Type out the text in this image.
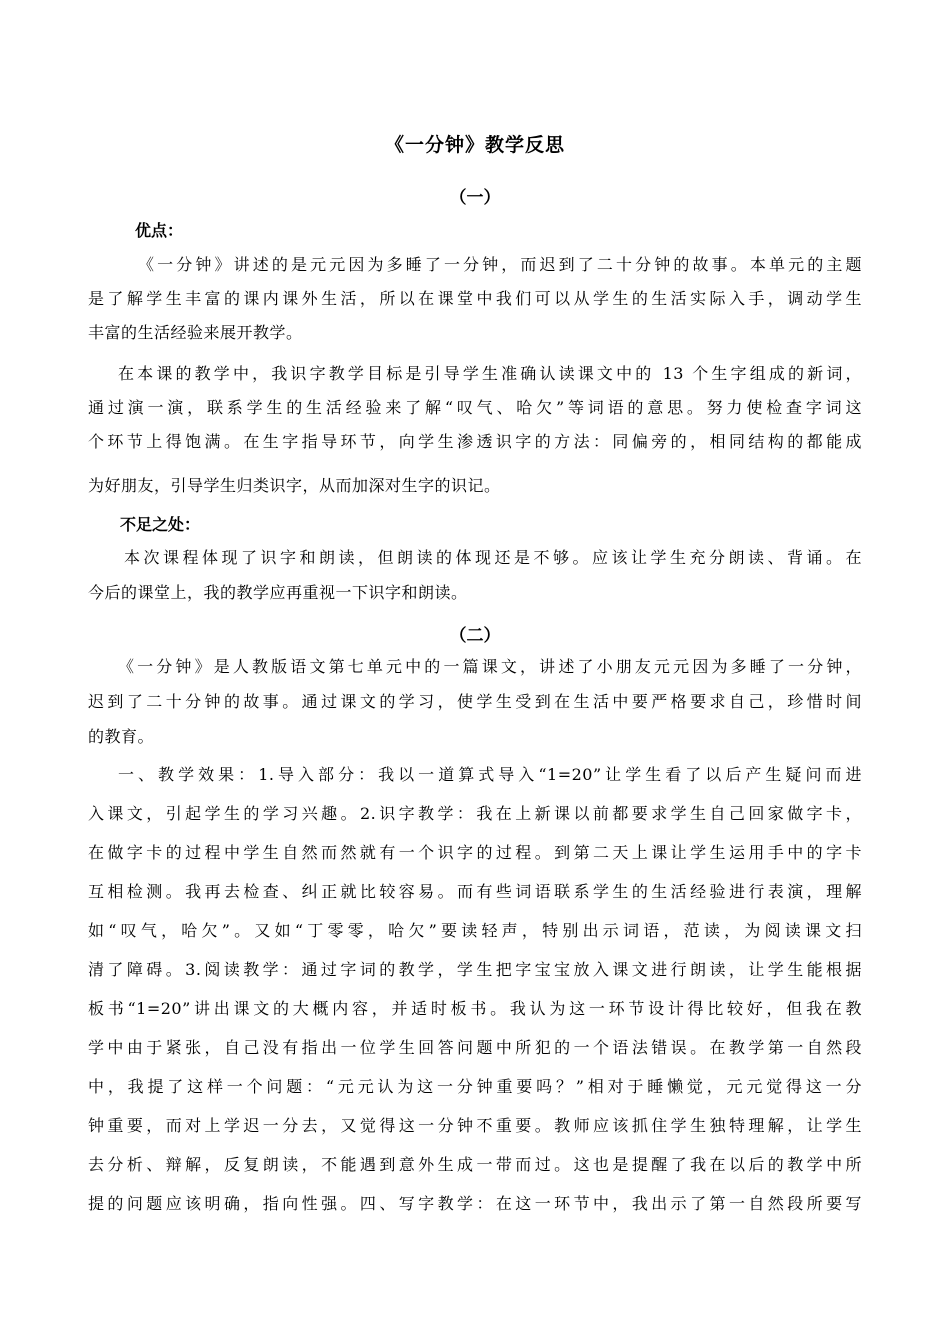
《一分钟》教学反思
（一）
优点：
《一分钟》讲述的是元元因为多睡了一分钟，而迟到了二十分钟的故事。本单元的主题
是了解学生丰富的课内课外生活，所以在课堂中我们可以从学生的生活实际入手，调动学生
丰富的生活经验来展开教学。
在本课的教学中，我识字教学目标是引导学生准确认读课文中的 13 个生字组成的新词，
通过演一演，联系学生的生活经验来了解“叹气、哈欠”等词语的意思。努力使检查字词这
个环节上得饱满。在生字指导环节，向学生渗透识字的方法：同偏旁的，相同结构的都能成
为好朋友，引导学生归类识字，从而加深对生字的识记。
不足之处：
本次课程体现了识字和朗读，但朗读的体现还是不够。应该让学生充分朗读、背诵。在
今后的课堂上，我的教学应再重视一下识字和朗读。
（二）
《一分钟》是人教版语文第七单元中的一篇课文，讲述了小朋友元元因为多睡了一分钟，
迟到了二十分钟的故事。通过课文的学习，使学生受到在生活中要严格要求自己，珍惜时间
的教育。
一、教学效果：1.导入部分：我以一道算式导入“1=20”让学生看了以后产生疑问而进
入课文，引起学生的学习兴趣。2.识字教学：我在上新课以前都要求学生自己回家做字卡，
在做字卡的过程中学生自然而然就有一个识字的过程。到第二天上课让学生运用手中的字卡
互相检测。我再去检查、纠正就比较容易。而有些词语联系学生的生活经验进行表演，理解
如“叹气，哈欠”。又如“丁零零，哈欠”要读轻声，特别出示词语，范读，为阅读课文扫
清了障碍。3.阅读教学：通过字词的教学，学生把字宝宝放入课文进行朗读，让学生能根据
板书“1=20”讲出课文的大概内容，并适时板书。我认为这一环节设计得比较好，但我在教
学中由于紧张，自己没有指出一位学生回答问题中所犯的一个语法错误。在教学第一自然段
中，我提了这样一个问题：“元元认为这一分钟重要吗？”相对于睡懒觉，元元觉得这一分
钟重要，而对上学迟一分去，又觉得这一分钟不重要。教师应该抓住学生独特理解，让学生
去分析、辩解，反复朗读，不能遇到意外生成一带而过。这也是提醒了我在以后的教学中所
提的问题应该明确，指向性强。四、写字教学：在这一环节中，我出示了第一自然段所要写
